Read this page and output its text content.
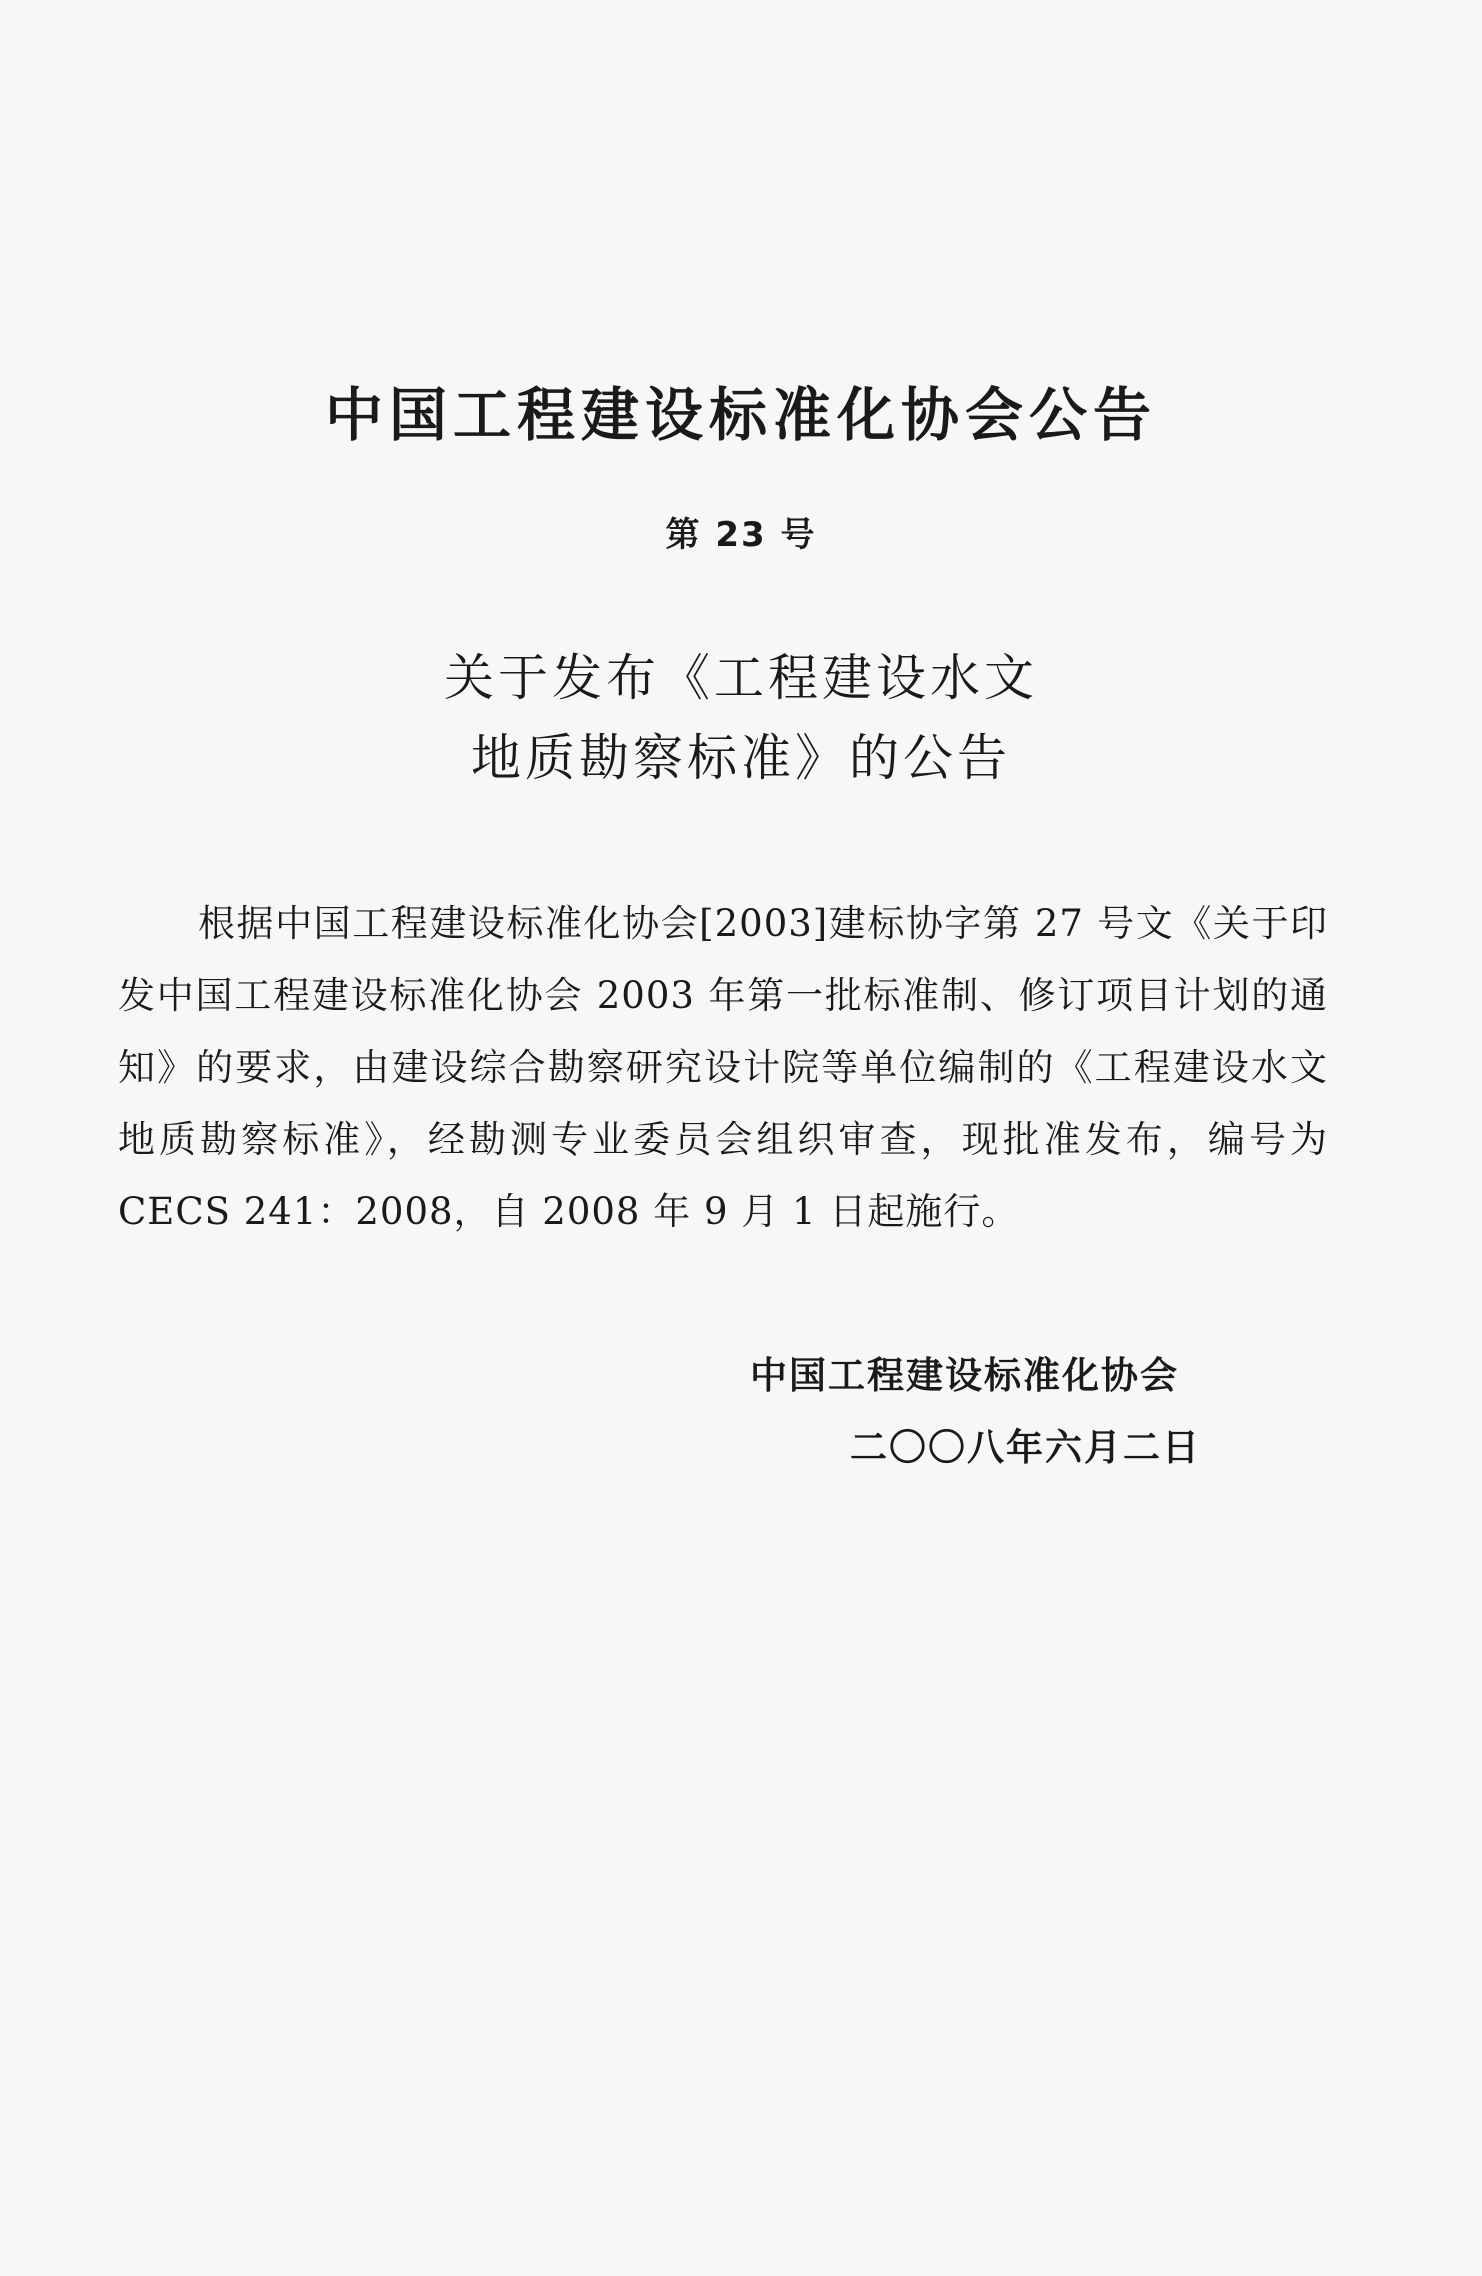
中国工程建设标准化协会公告
第 23 号
关于发布《工程建设水文
地质勘察标准》的公告

根据中国工程建设标准化协会[2003]建标协字第 27 号文《关于印发中国工程建设标准化协会 2003 年第一批标准制、修订项目计划的通知》的要求，由建设综合勘察研究设计院等单位编制的《工程建设水文地质勘察标准》，经勘测专业委员会组织审查，现批准发布，编号为 CECS 241：2008，自 2008 年 9 月 1 日起施行。

中国工程建设标准化协会
二〇〇八年六月二日
